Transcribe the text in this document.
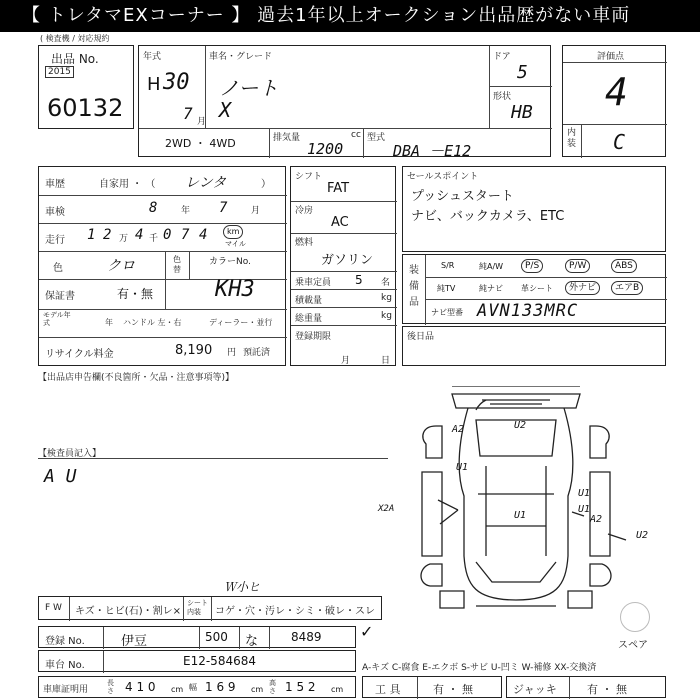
【 トレタマEXコーナー 】 過去1年以上オークション出品歴がない車両
( 検査機 / 対応規約
出品 No.
2015
60132
年式
H 30
7 月
車名・グレード
ノート
X
ドア
5
形状
HB
2WD ・ 4WD	排気量	cc
1200
型式
DBA －E12
評価点
4
内装 C
車歴	自家用 ・ （ レンタ	）
車検	8	年 7	月
走行 1 2 万 4 千 0 7 4	km
マイル
色	クロ	色替
カラーNo.
保証書	有・無	KH3
モデル年式	年 ハンドル 左・右	ディーラー・並行
リサイクル料金	8,190 円 預託済
シフト
FAT
冷房
AC
燃料
ガソリン
乗車定員 5 名
積載量	kg
総重量	kg
登録期限
月	日
セールスポイント
プッシュスタート
ナビ、バックカメラ、ETC
装備品
S/R	純A/W	P/S	P/W	ABS
純TV	純ナビ 革シート	外ナビ	エアB
ナビ型番 AVN133MRC
後日品
【出品店申告欄(不良箇所・欠品・注意事項等)】
【検査員記入】
A U
A2	U2
U1
U1
U1
U1
A2
U2
X2A
スペア
F W キズ・ヒビ(石)・割レ×
シート内装	コゲ・穴・汚レ・シミ・破レ・スレ
Ｗ小ヒ
登録 No.	伊豆	500 な	8489 ✓
車台 No.	E12-584684	A-キズ C-腐食 E-エクボ S-サビ U-凹ミ W-補修 XX-交換済
車庫証明用
長さ 4 1 0 cm 幅 1 6 9 cm
高さ 1 5 2 cm	工 具	有 ・ 無	ジャッキ	有 ・ 無
